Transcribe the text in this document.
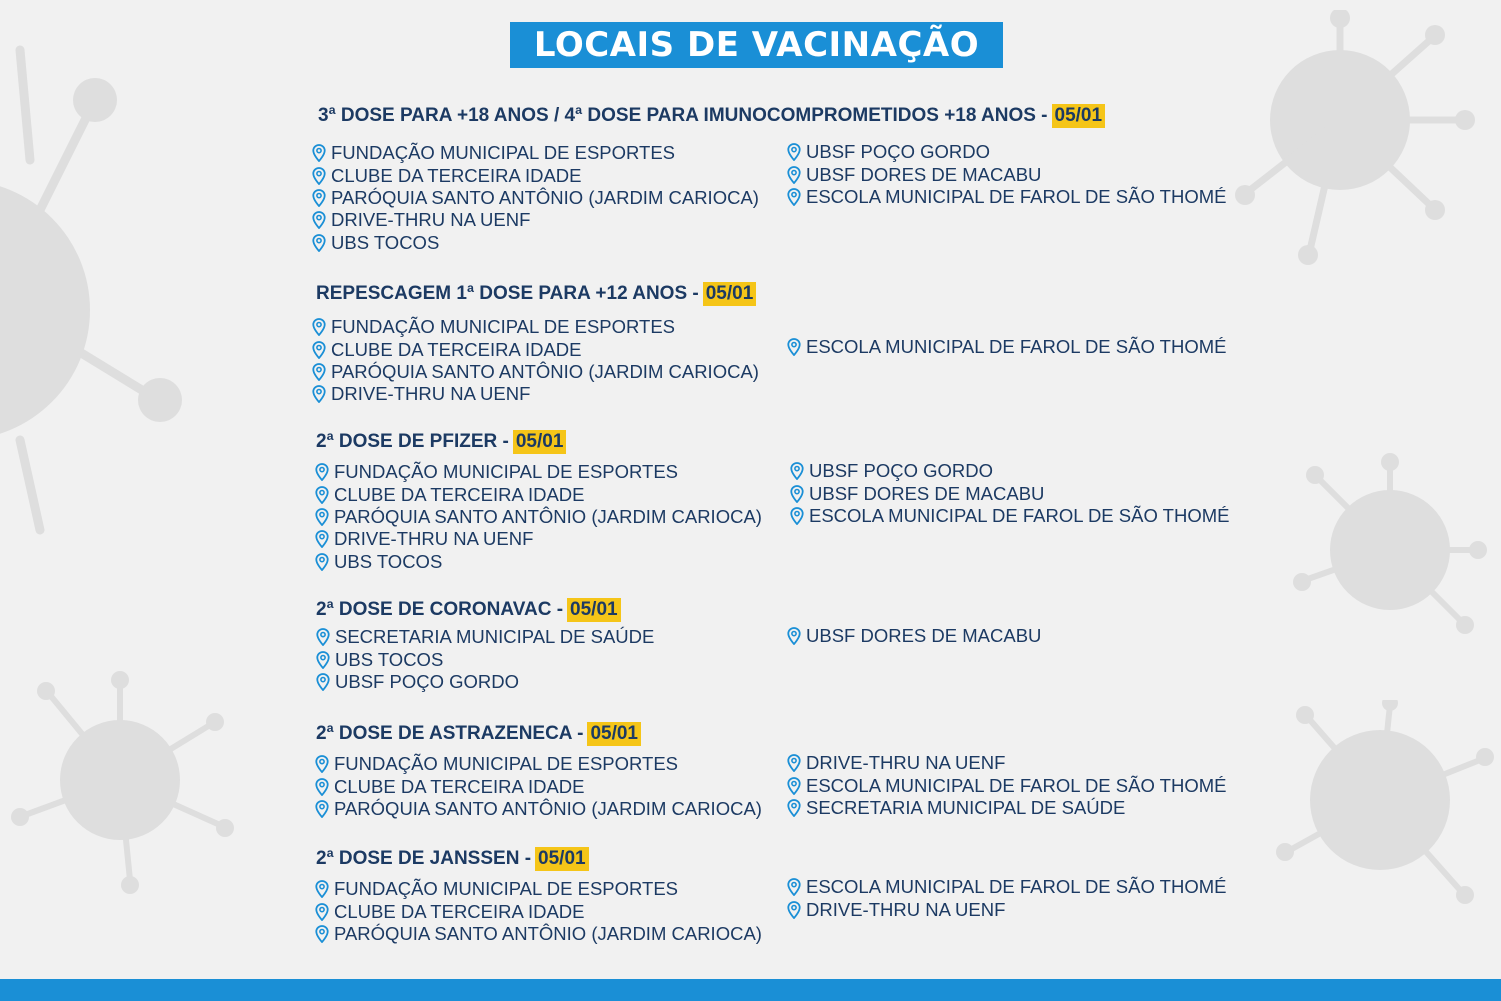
LOCAIS DE VACINAÇÃO
3ª DOSE PARA +18 ANOS / 4ª DOSE PARA IMUNOCOMPROMETIDOS +18 ANOS - 05/01
FUNDAÇÃO MUNICIPAL DE ESPORTES
CLUBE DA TERCEIRA IDADE
PARÓQUIA SANTO ANTÔNIO (JARDIM CARIOCA)
DRIVE-THRU NA UENF
UBS TOCOS
UBSF POÇO GORDO
UBSF DORES DE MACABU
ESCOLA MUNICIPAL DE FAROL DE SÃO THOMÉ
REPESCAGEM 1ª DOSE PARA +12 ANOS - 05/01
FUNDAÇÃO MUNICIPAL DE ESPORTES
CLUBE DA TERCEIRA IDADE
PARÓQUIA SANTO ANTÔNIO (JARDIM CARIOCA)
DRIVE-THRU NA UENF
ESCOLA MUNICIPAL DE FAROL DE SÃO THOMÉ
2ª DOSE DE PFIZER - 05/01
FUNDAÇÃO MUNICIPAL DE ESPORTES
CLUBE DA TERCEIRA IDADE
PARÓQUIA SANTO ANTÔNIO (JARDIM CARIOCA)
DRIVE-THRU NA UENF
UBS TOCOS
UBSF POÇO GORDO
UBSF DORES DE MACABU
ESCOLA MUNICIPAL DE FAROL DE SÃO THOMÉ
2ª DOSE DE CORONAVAC - 05/01
SECRETARIA MUNICIPAL DE SAÚDE
UBS TOCOS
UBSF POÇO GORDO
UBSF DORES DE MACABU
2ª DOSE DE ASTRAZENECA - 05/01
FUNDAÇÃO MUNICIPAL DE ESPORTES
CLUBE DA TERCEIRA IDADE
PARÓQUIA SANTO ANTÔNIO (JARDIM CARIOCA)
DRIVE-THRU NA UENF
ESCOLA MUNICIPAL DE FAROL DE SÃO THOMÉ
SECRETARIA MUNICIPAL DE SAÚDE
2ª DOSE DE JANSSEN - 05/01
FUNDAÇÃO MUNICIPAL DE ESPORTES
CLUBE DA TERCEIRA IDADE
PARÓQUIA SANTO ANTÔNIO (JARDIM CARIOCA)
ESCOLA MUNICIPAL DE FAROL DE SÃO THOMÉ
DRIVE-THRU NA UENF
